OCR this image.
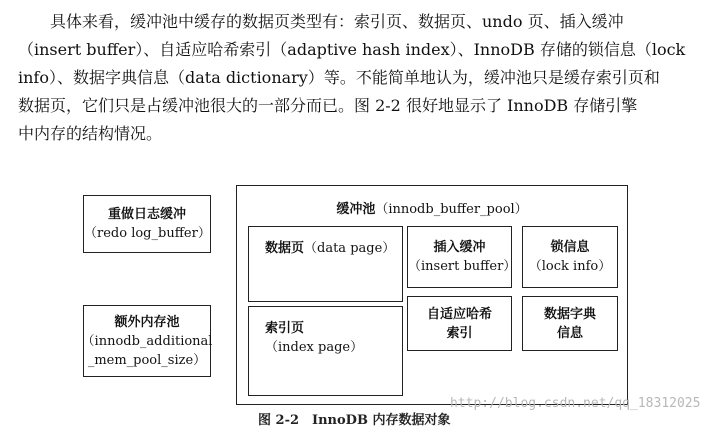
　　具体来看，缓冲池中缓存的数据页类型有：索引页、数据页、undo 页、插入缓冲
（insert buffer）、自适应哈希索引（adaptive hash index）、InnoDB 存储的锁信息（lock
info）、数据字典信息（data dictionary）等。不能简单地认为，缓冲池只是缓存索引页和
数据页，它们只是占缓冲池很大的一部分而已。图 2-2 很好地显示了 InnoDB 存储引擎
中内存的结构情况。
重做日志缓冲
（redo log_buffer）
额外内存池
（innodb_additional
_mem_pool_size）
缓冲池（innodb_buffer_pool）
数据页（data page）
索引页（index page）
插入缓冲
（insert buffer）
锁信息
（lock info）
自适应哈希
索引
数据字典
信息
图 2-2　InnoDB 内存数据对象
http://blog.csdn.net/qq_18312025
